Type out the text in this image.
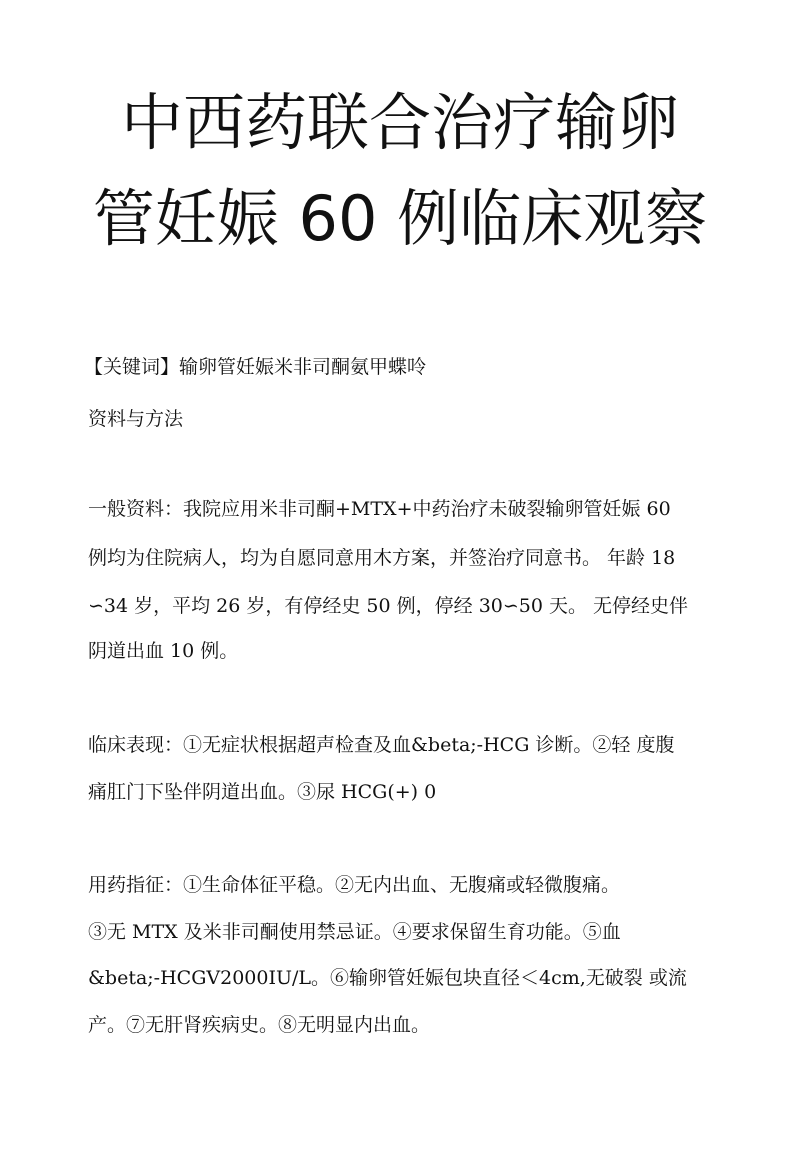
中西药联合治疗输卵
管妊娠 60 例临床观察

【关键词】输卵管妊娠米非司酮氨甲蝶呤

资料与方法

一般资料：我院应用米非司酮+MTX+中药治疗未破裂输卵管妊娠 60

例均为住院病人，均为自愿同意用木方案，并签治疗同意书。 年龄 18

∽34 岁，平均 26 岁，有停经史 50 例，停经 30∽50 天。 无停经史伴

阴道出血 10 例。

临床表现：①无症状根据超声检查及血&beta;-HCG 诊断。②轻 度腹

痛肛门下坠伴阴道出血。③尿 HCG(+) 0

用药指征：①生命体征平稳。②无内出血、无腹痛或轻微腹痛。

③无 MTX 及米非司酮使用禁忌证。④要求保留生育功能。⑤血

&beta;-HCGV2000IU/L。⑥输卵管妊娠包块直径＜4cm,无破裂 或流

产。⑦无肝肾疾病史。⑧无明显内出血。
